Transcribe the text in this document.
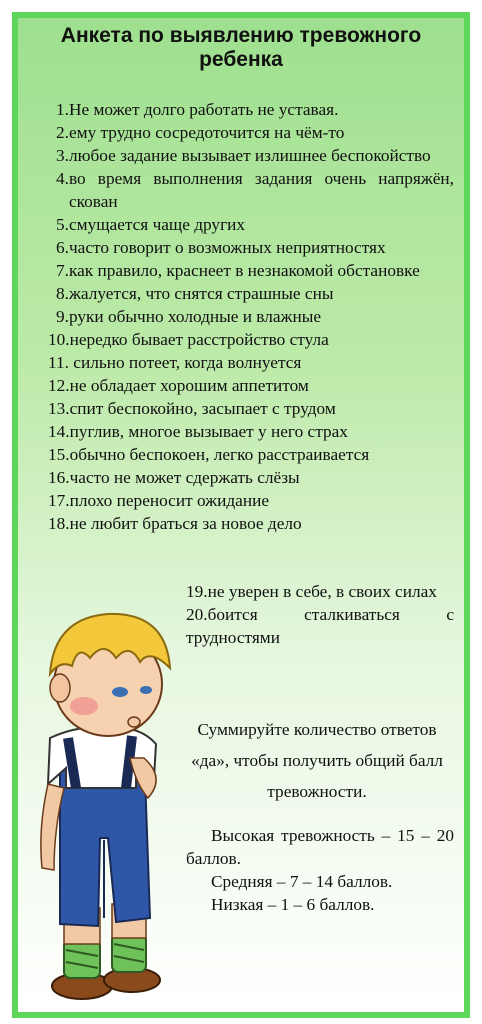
Анкета по выявлению тревожного ребенка
1. Не может долго работать не уставая.
2. ему трудно сосредоточится на чём-то
3. любое задание вызывает излишнее беспокойство
4. во время выполнения задания очень напряжён, скован
5. смущается чаще других
6. часто говорит о возможных неприятностях
7. как правило, краснеет в незнакомой обстановке
8. жалуется, что снятся страшные сны
9. руки обычно холодные и влажные
10. нередко бывает расстройство стула
11. сильно потеет, когда волнуется
12. не обладает хорошим аппетитом
13. спит беспокойно, засыпает с трудом
14. пуглив, многое вызывает у него страх
15. обычно беспокоен, легко расстраивается
16. часто не может сдержать слёзы
17. плохо переносит ожидание
18. не любит браться за новое дело
19.не уверен в себе, в своих силах
20.боится сталкиваться с трудностями
Суммируйте количество ответов «да», чтобы получить общий балл тревожности.
Высокая тревожность – 15 – 20 баллов.
Средняя – 7 – 14 баллов.
Низкая – 1 – 6 баллов.
